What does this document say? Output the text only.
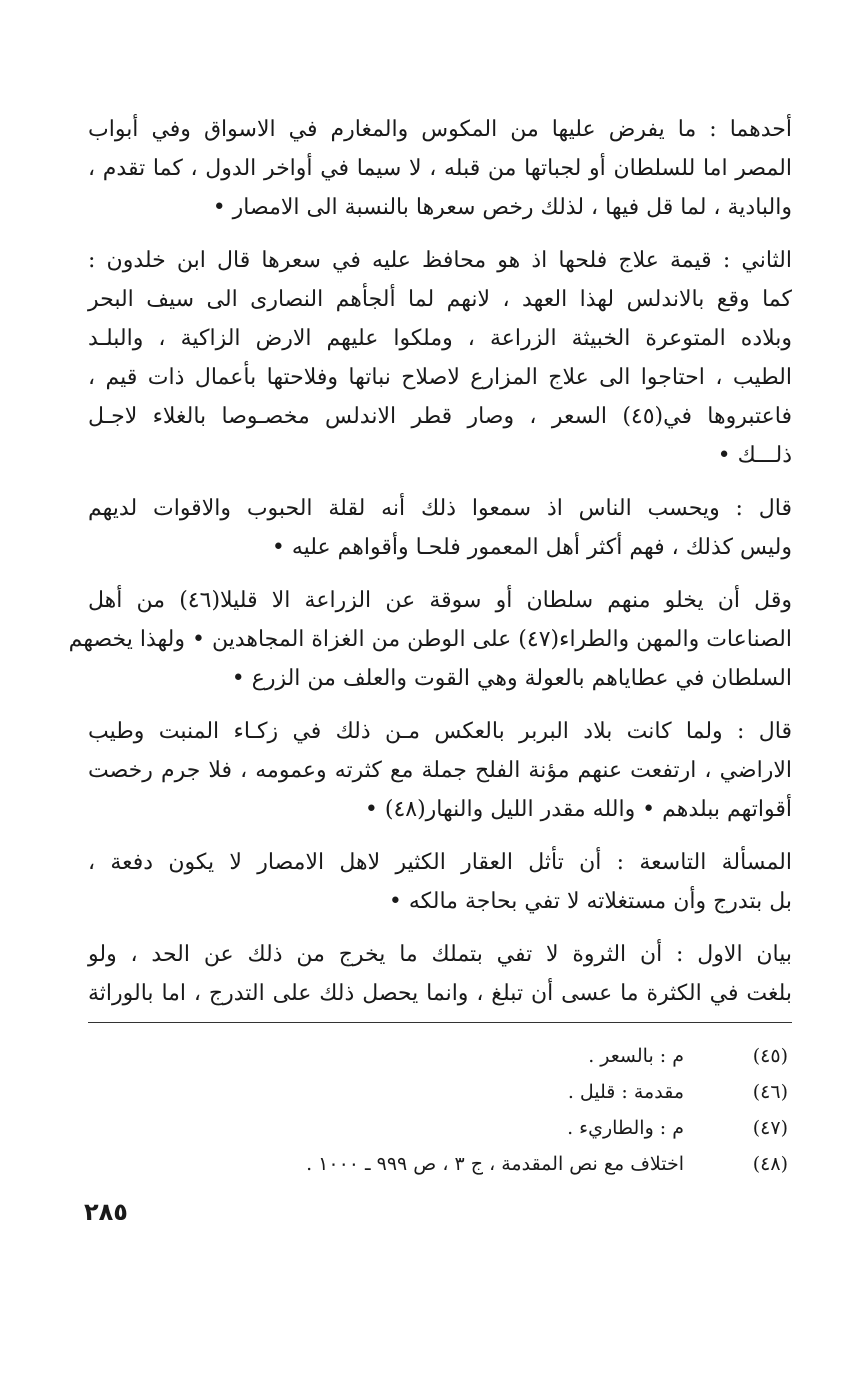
أحدهما : ما يفرض عليها من المكوس والمغارم في الاسواق وفي أبواب
المصر اما للسلطان أو لجباتها من قبله ، لا سيما في أواخر الدول ، كما تقدم ،
والبادية ، لما قل فيها ، لذلك رخص سعرها بالنسبة الى الامصار •

الثاني : قيمة علاج فلحها اذ هو محافظ عليه في سعرها قال ابن خلدون :
كما وقع بالاندلس لهذا العهد ، لانهم لما ألجأهم النصارى الى سيف البحر
وبلاده المتوعرة الخبيثة الزراعة ، وملكوا عليهم الارض الزاكية ، والبلـد
الطيب ، احتاجوا الى علاج المزارع لاصلاح نباتها وفلاحتها بأعمال ذات قيم ،
فاعتبروها في(٤٥) السعر ، وصار قطر الاندلس مخصـوصا بالغلاء لاجـل
ذلـــك •

قال : ويحسب الناس اذ سمعوا ذلك أنه لقلة الحبوب والاقوات لديهم
وليس كذلك ، فهم أكثر أهل المعمور فلحـا وأقواهم عليه •

وقل أن يخلو منهم سلطان أو سوقة عن الزراعة الا قليلا(٤٦) من أهل
الصناعات والمهن والطراء(٤٧) على الوطن من الغزاة المجاهدين • ولهذا يخصهم
السلطان في عطاياهم بالعولة وهي القوت والعلف من الزرع •

قال : ولما كانت بلاد البربر بالعكس مـن ذلك في زكـاء المنبت وطيب
الاراضي ، ارتفعت عنهم مؤنة الفلح جملة مع كثرته وعمومه ، فلا جرم رخصت
أقواتهم ببلدهم • والله مقدر الليل والنهار(٤٨) •

المسألة التاسعة : أن تأثل العقار الكثير لاهل الامصار لا يكون دفعة ،
بل بتدرج وأن مستغلاته لا تفي بحاجة مالكه •

بيان الاول : أن الثروة لا تفي بتملك ما يخرج من ذلك عن الحد ، ولو
بلغت في الكثرة ما عسى أن تبلغ ، وانما يحصل ذلك على التدرج ، اما بالوراثة

(٤٥)
م : بالسعر .
(٤٦)
مقدمة : قليل .
(٤٧)
م : والطاريء .
(٤٨)
اختلاف مع نص المقدمة ، ج ٣ ، ص ٩٩٩ ـ ١٠٠٠ .
٢٨٥
